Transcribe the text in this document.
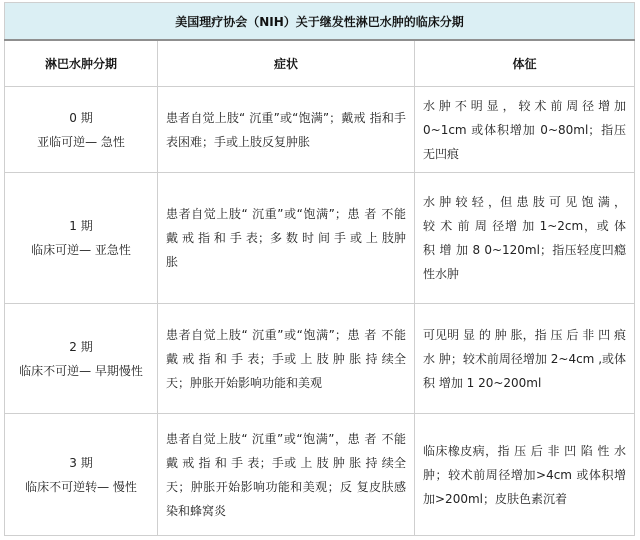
美国理疗协会（NIH）关于继发性淋巴水肿的临床分期		
淋巴水肿分期	症状	体征

0 期
亚临可逆— 急性	患者自觉上肢“ 沉重”或“饱满”；戴戒 指和手表困难；手或上肢反复肿胀	水肿不明显，较术前周径增加 0~1cm 或体积增加 0~80ml；指压无凹痕

1 期
临床可逆— 亚急性	患者自觉上肢“ 沉重”或“饱满”；患 者 不能 戴 戒 指 和 手 表；多 数 时 间 手 或 上 肢肿胀	水 肿 较 轻 ，但 患 肢 可 见 饱 满 ，较 术 前 周 径增 加 1~2cm，或 体 积 增 加 8 0~120ml；指压轻度凹瘾性水肿

2 期
临床不可逆— 早期慢性	患者自觉上肢“ 沉重”或“饱满”；患 者 不能 戴 戒 指 和 手 表；手或 上 肢 肿 胀 持 续全天；肿胀开始影响功能和美观	可见明 显 的 肿 胀，指 压 后 非 凹 痕 水 肿；较术前周径增加 2~4cm ,或体积 增加 1 20~200ml

3 期
临床不可逆转— 慢性	患者自觉上肢“ 沉重”或“饱满”，患 者 不能 戴 戒 指 和 手 表；手或 上 肢 肿 胀 持 续全天；肿胀开始影响功能和美观；反 复皮肤感染和蜂窝炎	临床橡皮病，指 压 后 非 凹 陷 性 水肿；较术前周径增加>4cm 或体积增加>200ml；皮肤色素沉着
